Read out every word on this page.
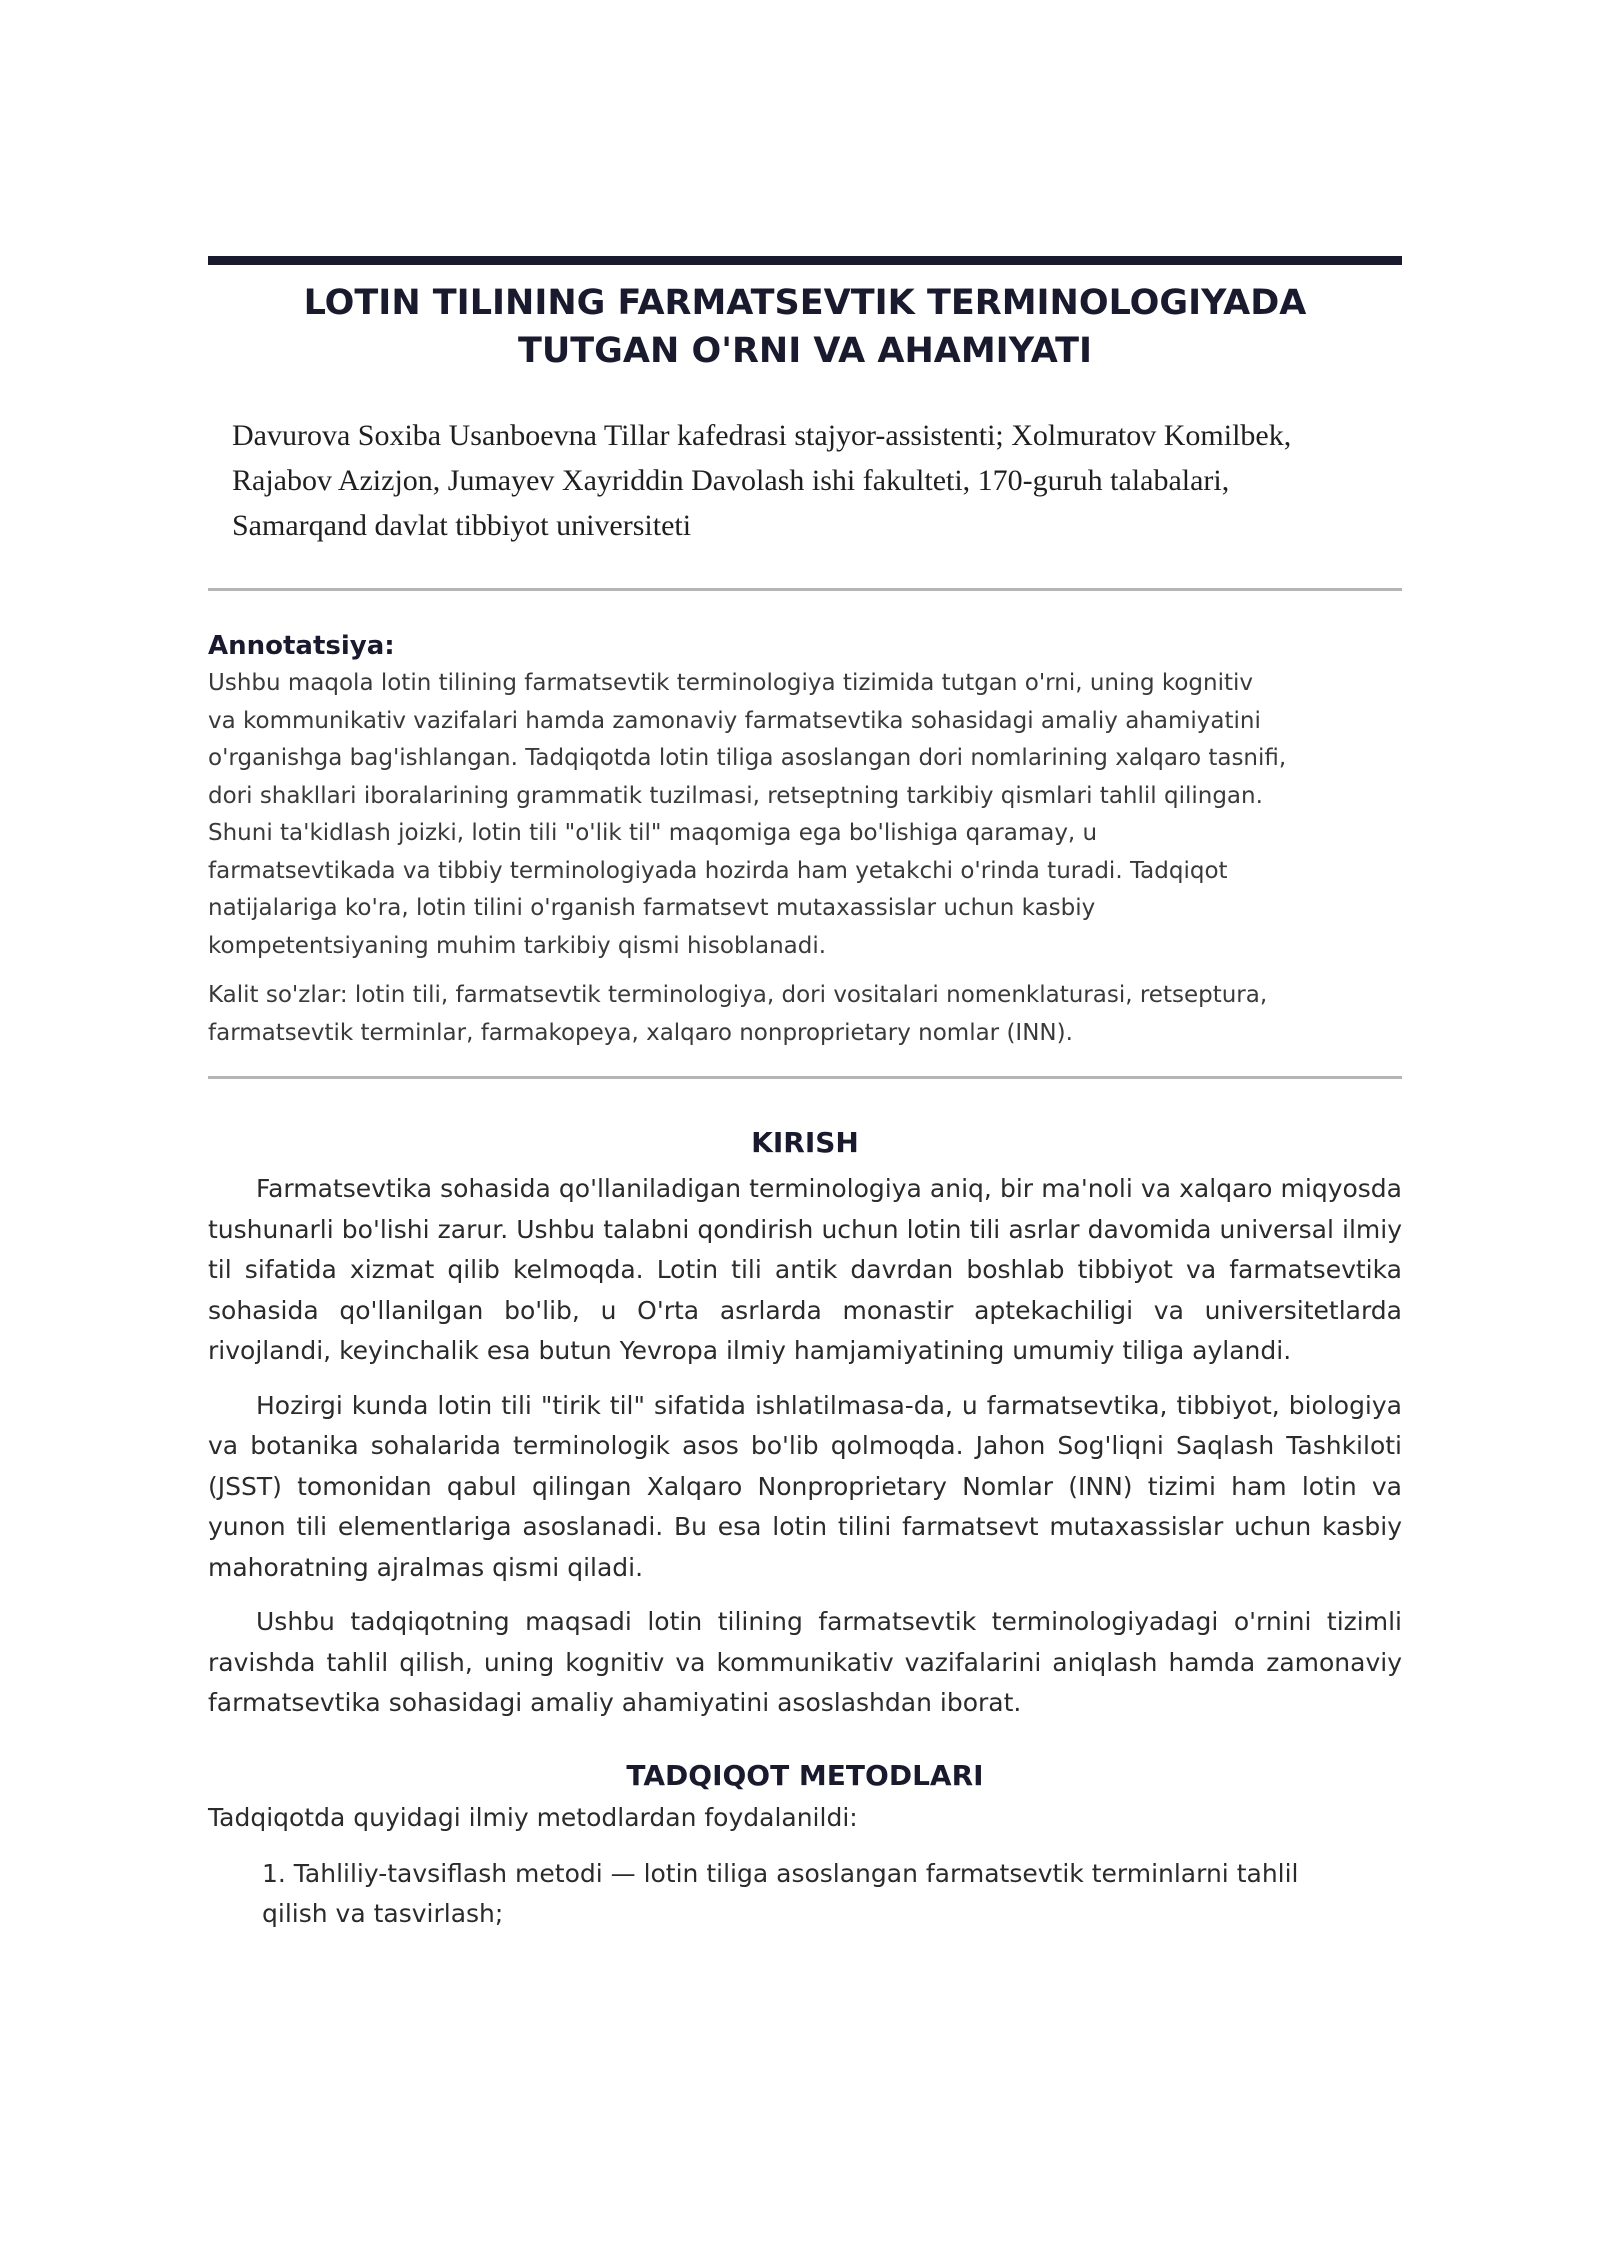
LOTIN TILINING FARMATSEVTIK TERMINOLOGIYADA
TUTGAN O'RNI VA AHAMIYATI
Davurova Soxiba Usanboevna Tillar kafedrasi stajyor-assistenti; Xolmuratov Komilbek, Rajabov Azizjon, Jumayev Xayriddin Davolash ishi fakulteti, 170-guruh talabalari, Samarqand davlat tibbiyot universiteti
Annotatsiya:
Ushbu maqola lotin tilining farmatsevtik terminologiya tizimida tutgan o'rni, uning kognitiv va kommunikativ vazifalari hamda zamonaviy farmatsevtika sohasidagi amaliy ahamiyatini o'rganishga bag'ishlangan. Tadqiqotda lotin tiliga asoslangan dori nomlarining xalqaro tasnifi, dori shakllari iboralarining grammatik tuzilmasi, retseptning tarkibiy qismlari tahlil qilingan. Shuni ta'kidlash joizki, lotin tili "o'lik til" maqomiga ega bo'lishiga qaramay, u farmatsevtikada va tibbiy terminologiyada hozirda ham yetakchi o'rinda turadi. Tadqiqot natijalariga ko'ra, lotin tilini o'rganish farmatsevt mutaxassislar uchun kasbiy kompetentsiyaning muhim tarkibiy qismi hisoblanadi.
Kalit so'zlar: lotin tili, farmatsevtik terminologiya, dori vositalari nomenklaturasi, retseptura, farmatsevtik terminlar, farmakopeya, xalqaro nonproprietary nomlar (INN).
KIRISH

Farmatsevtika sohasida qo'llaniladigan terminologiya aniq, bir ma'noli va xalqaro miqyosda tushunarli bo'lishi zarur. Ushbu talabni qondirish uchun lotin tili asrlar davomida universal ilmiy til sifatida xizmat qilib kelmoqda. Lotin tili antik davrdan boshlab tibbiyot va farmatsevtika sohasida qo'llanilgan bo'lib, u O'rta asrlarda monastir aptekachiligi va universitetlarda rivojlandi, keyinchalik esa butun Yevropa ilmiy hamjamiyatining umumiy tiliga aylandi.

Hozirgi kunda lotin tili "tirik til" sifatida ishlatilmasa-da, u farmatsevtika, tibbiyot, biologiya va botanika sohalarida terminologik asos bo'lib qolmoqda. Jahon Sog'liqni Saqlash Tashkiloti (JSST) tomonidan qabul qilingan Xalqaro Nonproprietary Nomlar (INN) tizimi ham lotin va yunon tili elementlariga asoslanadi. Bu esa lotin tilini farmatsevt mutaxassislar uchun kasbiy mahoratning ajralmas qismi qiladi.

Ushbu tadqiqotning maqsadi lotin tilining farmatsevtik terminologiyadagi o'rnini tizimli ravishda tahlil qilish, uning kognitiv va kommunikativ vazifalarini aniqlash hamda zamonaviy farmatsevtika sohasidagi amaliy ahamiyatini asoslashdan iborat.

TADQIQOT METODLARI
Tadqiqotda quyidagi ilmiy metodlardan foydalanildi:
1. Tahliliy-tavsiflash metodi — lotin tiliga asoslangan farmatsevtik terminlarni tahlil qilish va tasvirlash;
